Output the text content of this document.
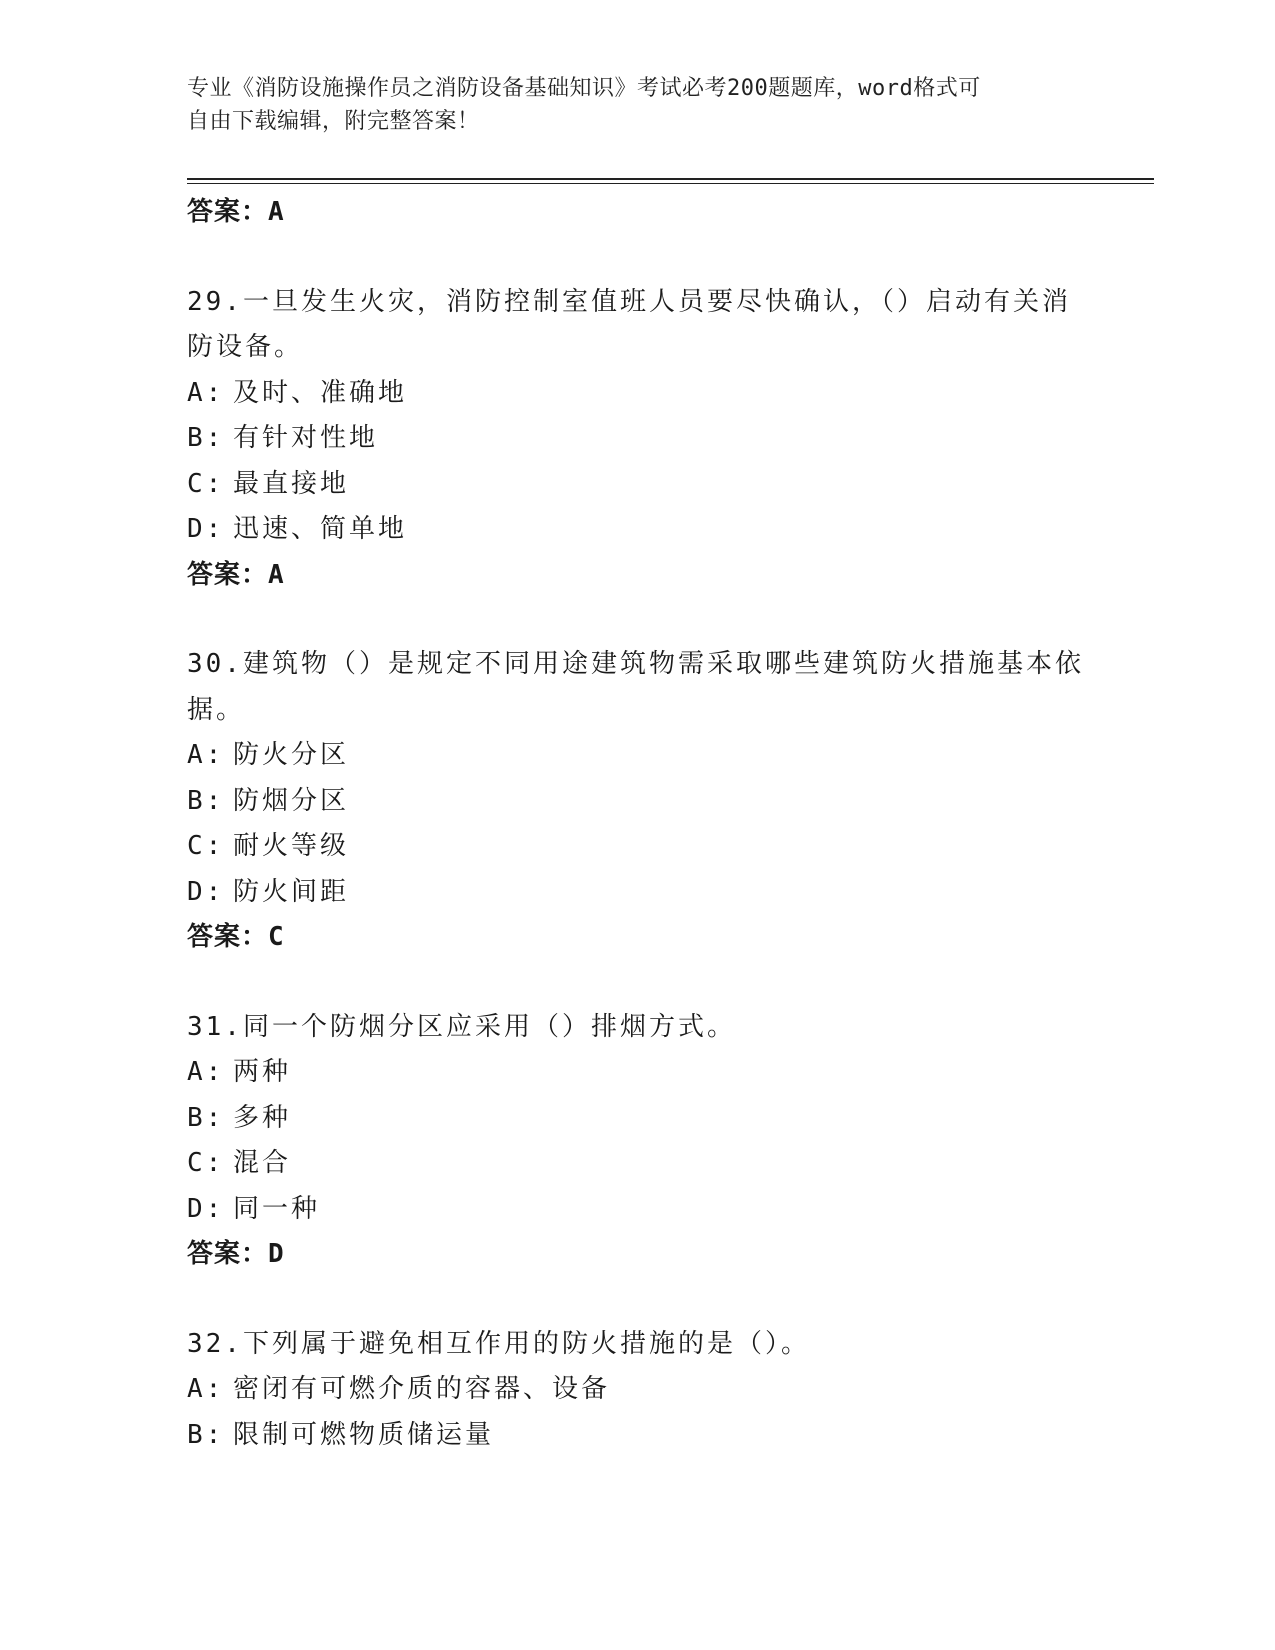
专业《消防设施操作员之消防设备基础知识》考试必考200题题库，word格式可
自由下载编辑，附完整答案！
答案：A
29.一旦发生火灾，消防控制室值班人员要尽快确认，（）启动有关消
防设备。
A: 及时、准确地
B: 有针对性地
C: 最直接地
D: 迅速、简单地
答案：A
30.建筑物（）是规定不同用途建筑物需采取哪些建筑防火措施基本依
据。
A: 防火分区
B: 防烟分区
C: 耐火等级
D: 防火间距
答案：C
31.同一个防烟分区应采用（）排烟方式。
A: 两种
B: 多种
C: 混合
D: 同一种
答案：D
32.下列属于避免相互作用的防火措施的是（）。
A: 密闭有可燃介质的容器、设备
B: 限制可燃物质储运量
